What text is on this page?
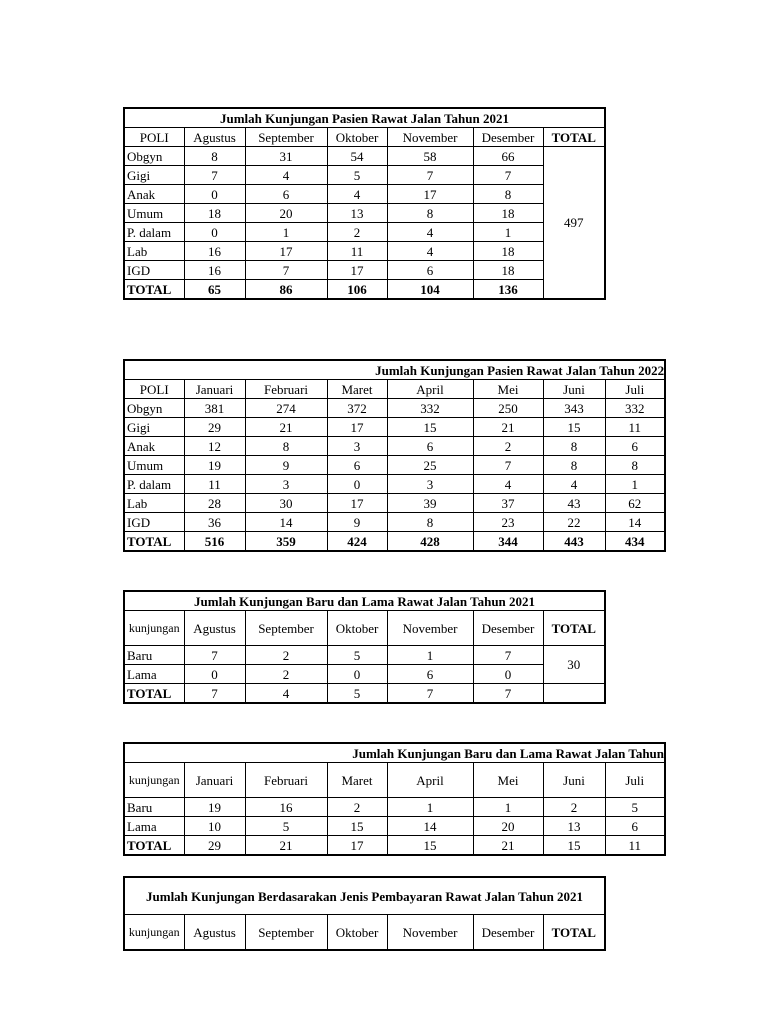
Jumlah Kunjungan Pasien Rawat Jalan Tahun 2021						
POLI	Agustus	September	Oktober	November	Desember	TOTAL
Obgyn	8	31	54	58	66	497
Gigi	7	4	5	7	7	
Anak	0	6	4	17	8	
Umum	18	20	13	8	18	
P. dalam	0	1	2	4	1	
Lab	16	17	11	4	18	
IGD	16	7	17	6	18	
TOTAL	65	86	106	104	136	
Jumlah Kunjungan Pasien Rawat Jalan Tahun 2022							
POLI	Januari	Februari	Maret	April	Mei	Juni	Juli
Obgyn	381	274	372	332	250	343	332
Gigi	29	21	17	15	21	15	11
Anak	12	8	3	6	2	8	6
Umum	19	9	6	25	7	8	8
P. dalam	11	3	0	3	4	4	1
Lab	28	30	17	39	37	43	62
IGD	36	14	9	8	23	22	14
TOTAL	516	359	424	428	344	443	434
Jumlah Kunjungan Baru dan Lama Rawat Jalan Tahun 2021						
kunjungan	Agustus	September	Oktober	November	Desember	TOTAL
Baru	7	2	5	1	7	30
Lama	0	2	0	6	0	
TOTAL	7	4	5	7	7	
Jumlah Kunjungan Baru dan Lama Rawat Jalan Tahun							
kunjungan	Januari	Februari	Maret	April	Mei	Juni	Juli
Baru	19	16	2	1	1	2	5
Lama	10	5	15	14	20	13	6
TOTAL	29	21	17	15	21	15	11
Jumlah Kunjungan Berdasarakan Jenis Pembayaran Rawat Jalan Tahun 2021
kunjungan	Agustus	September	Oktober	November	Desember	TOTAL
